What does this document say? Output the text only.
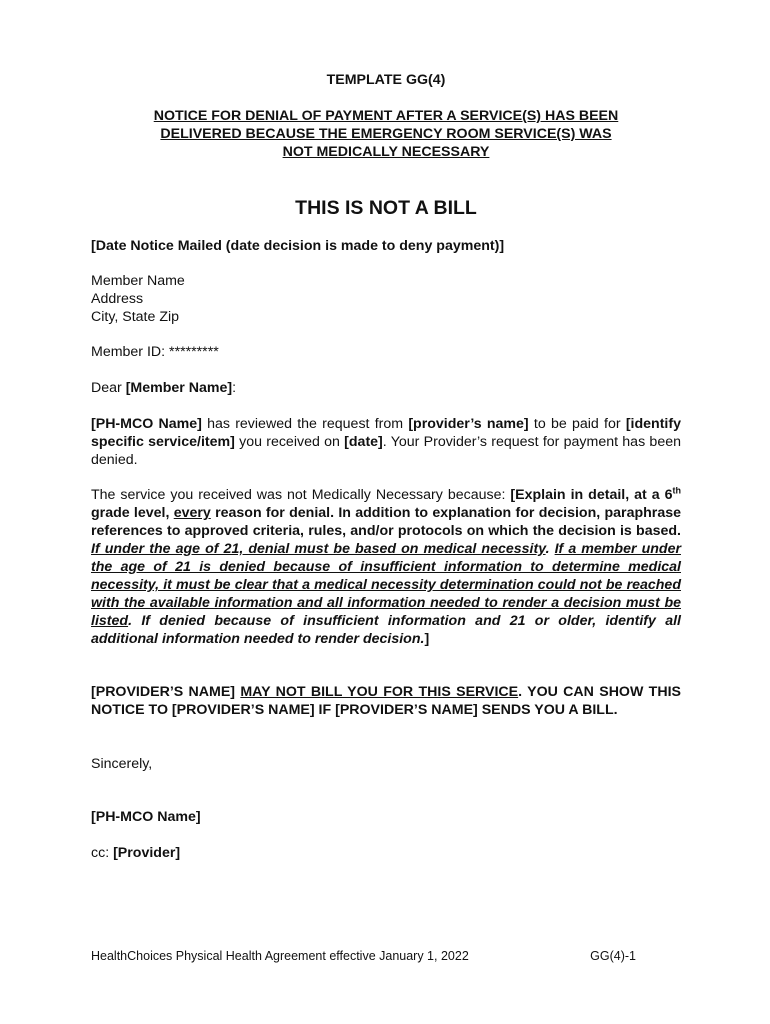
TEMPLATE GG(4)
NOTICE FOR DENIAL OF PAYMENT AFTER A SERVICE(S) HAS BEEN
DELIVERED BECAUSE THE EMERGENCY ROOM SERVICE(S) WAS
NOT MEDICALLY NECESSARY
THIS IS NOT A BILL
[Date Notice Mailed (date decision is made to deny payment)]
Member Name
Address
City, State Zip
Member ID: *********
Dear [Member Name]:
[PH-MCO Name] has reviewed the request from [provider’s name] to be paid for [identify specific service/item] you received on [date]. Your Provider’s request for payment has been denied.
The service you received was not Medically Necessary because: [Explain in detail, at a 6th grade level, every reason for denial. In addition to explanation for decision, paraphrase references to approved criteria, rules, and/or protocols on which the decision is based. If under the age of 21, denial must be based on medical necessity. If a member under the age of 21 is denied because of insufficient information to determine medical necessity, it must be clear that a medical necessity determination could not be reached with the available information and all information needed to render a decision must be listed. If denied because of insufficient information and 21 or older, identify all additional information needed to render decision.]
[PROVIDER’S NAME] MAY NOT BILL YOU FOR THIS SERVICE. YOU CAN SHOW THIS NOTICE TO [PROVIDER’S NAME] IF [PROVIDER’S NAME] SENDS YOU A BILL.
Sincerely,
[PH-MCO Name]
cc: [Provider]
HealthChoices Physical Health Agreement effective January 1, 2022	GG(4)-1
